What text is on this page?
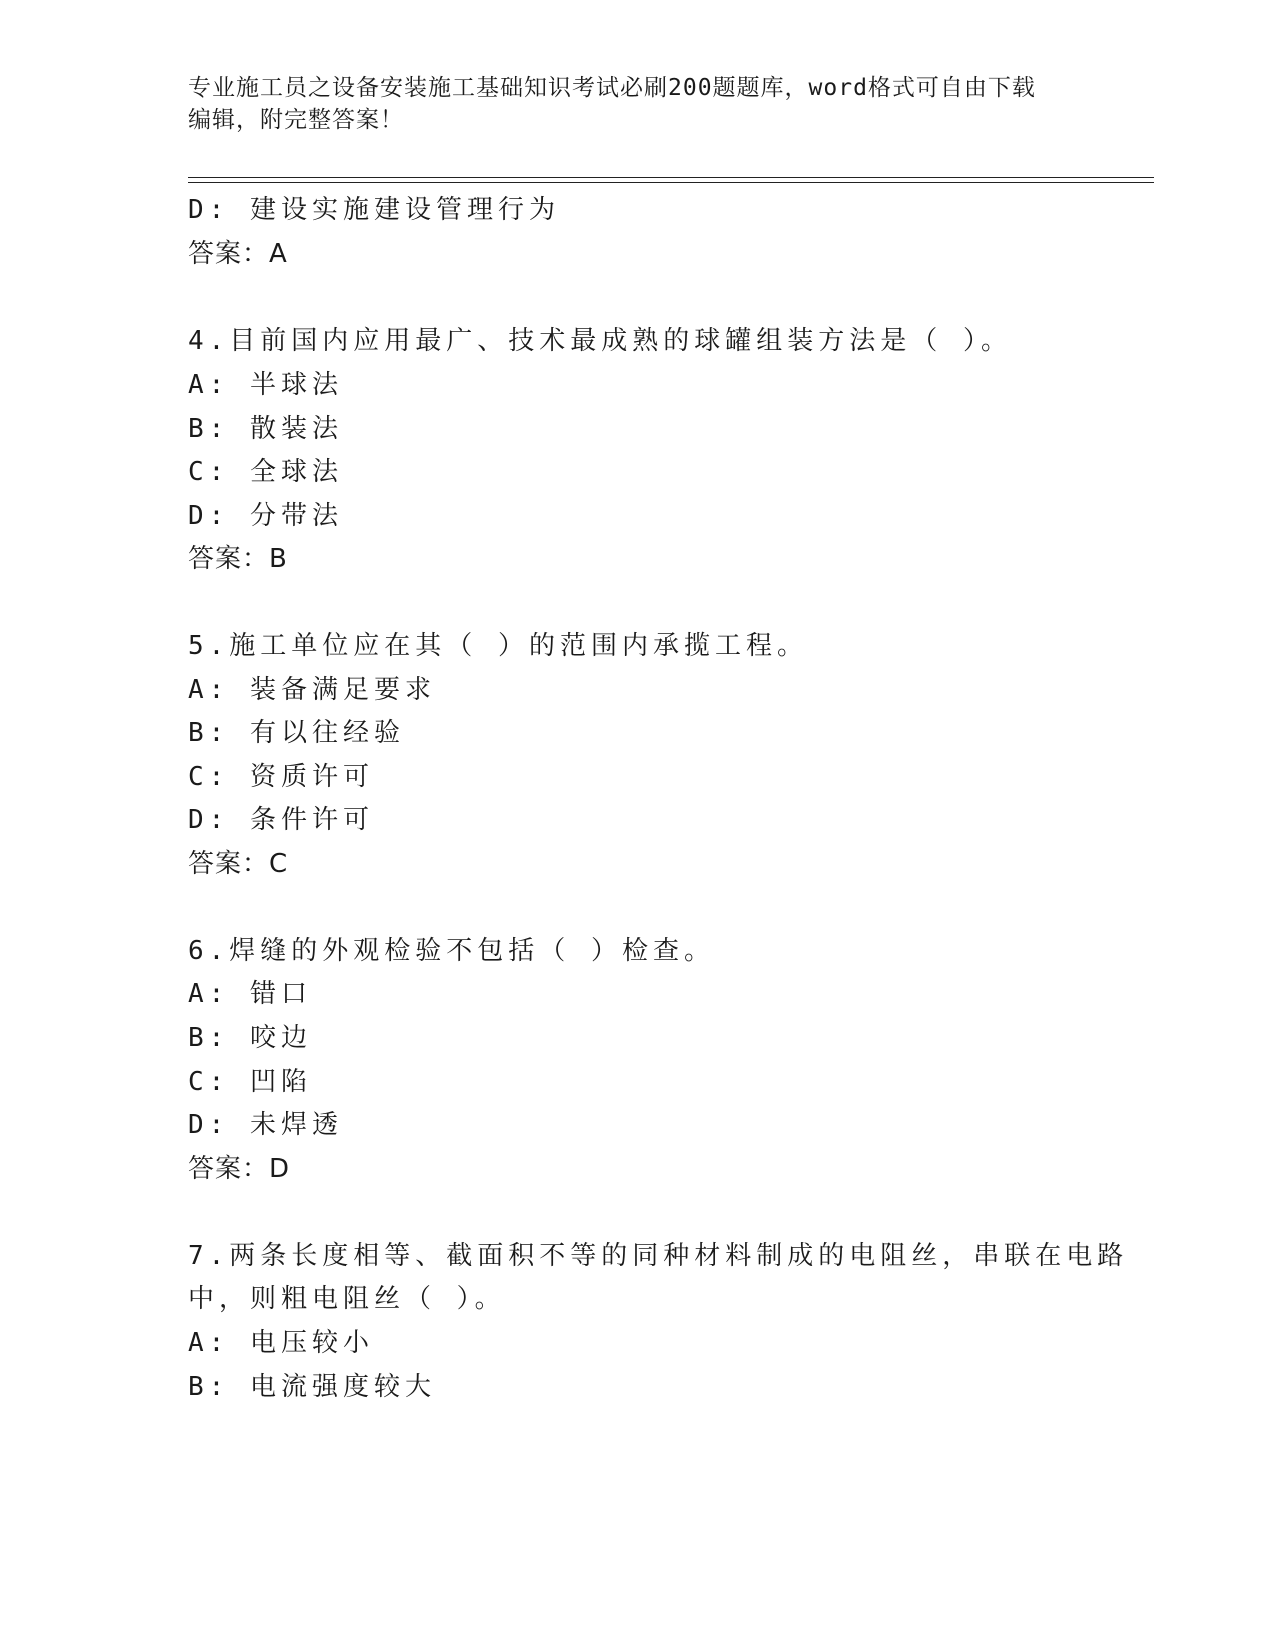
专业施工员之设备安装施工基础知识考试必刷200题题库，word格式可自由下载
编辑，附完整答案！
D: 建设实施建设管理行为
答案：A
4.目前国内应用最广、技术最成熟的球罐组装方法是（ ）。
A: 半球法
B: 散装法
C: 全球法
D: 分带法
答案：B
5.施工单位应在其（ ）的范围内承揽工程。
A: 装备满足要求
B: 有以往经验
C: 资质许可
D: 条件许可
答案：C
6.焊缝的外观检验不包括（ ）检查。
A: 错口
B: 咬边
C: 凹陷
D: 未焊透
答案：D
7.两条长度相等、截面积不等的同种材料制成的电阻丝，串联在电路
中，则粗电阻丝（ ）。
A: 电压较小
B: 电流强度较大
